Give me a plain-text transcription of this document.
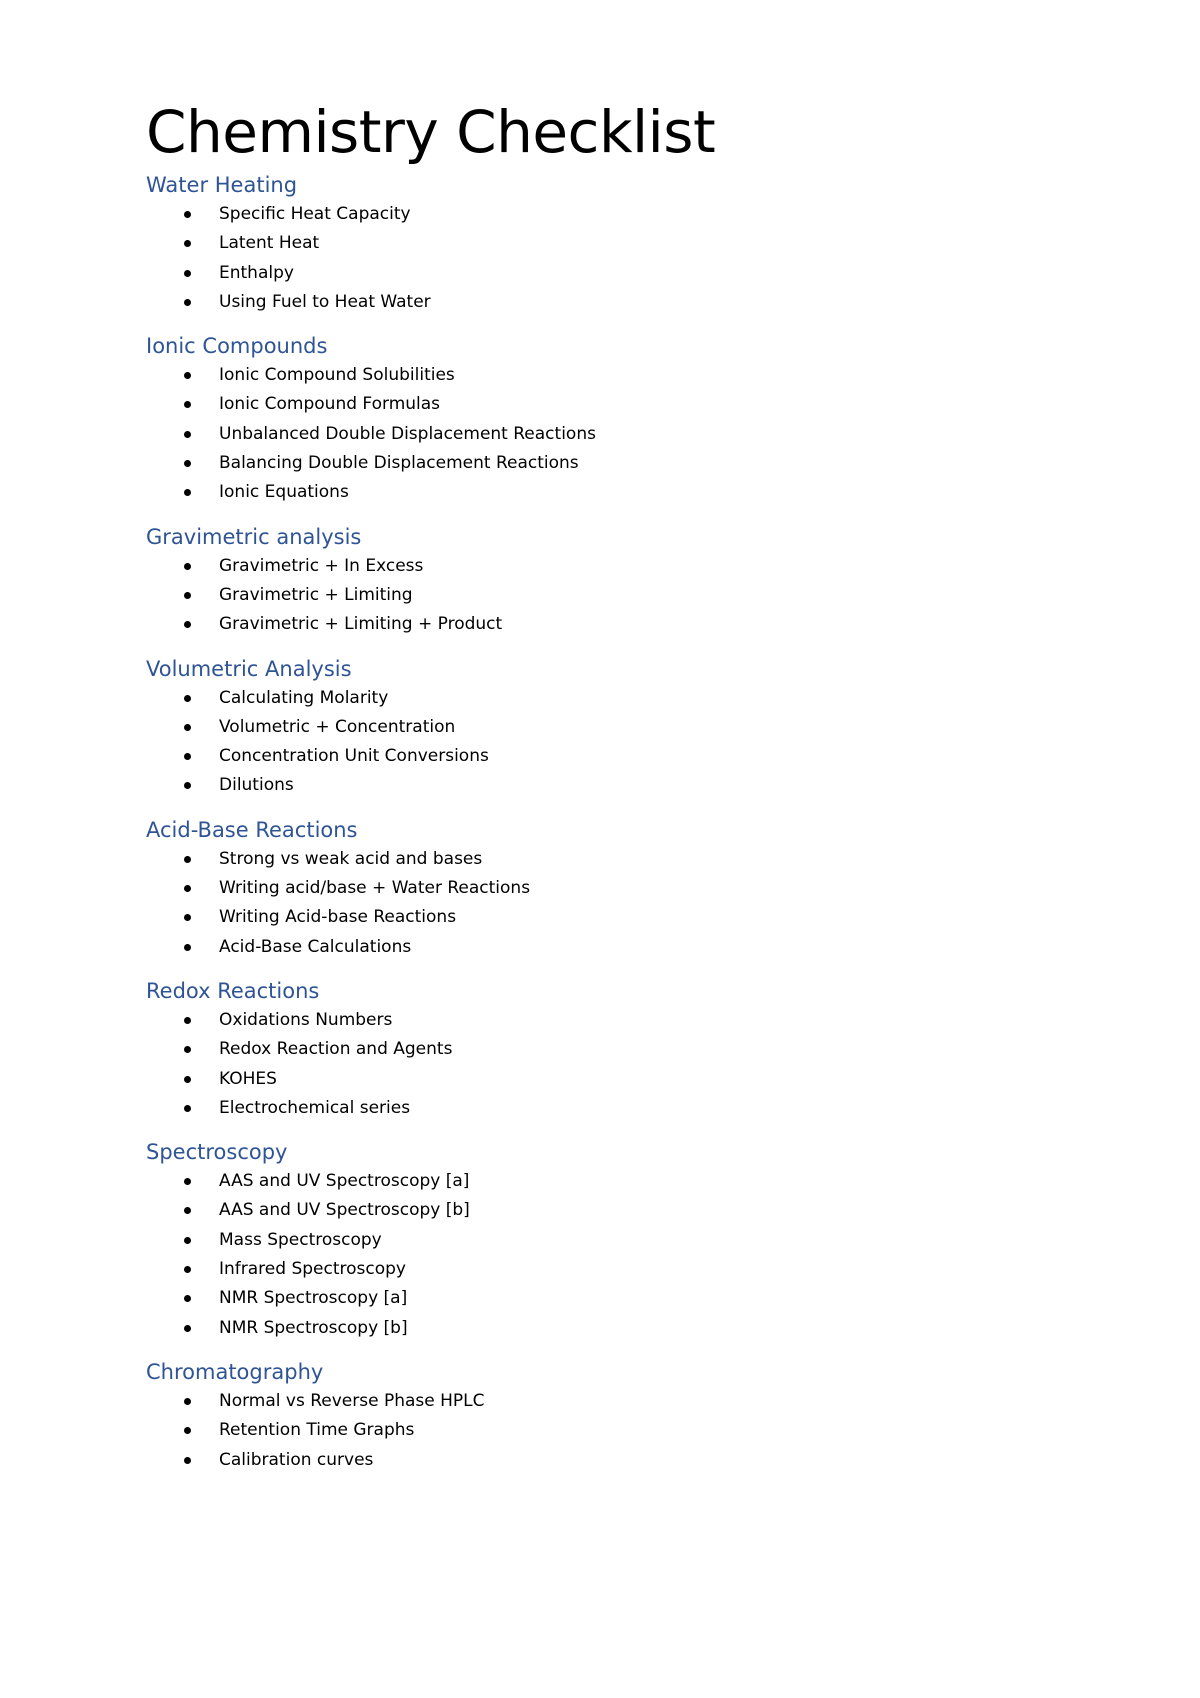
Chemistry Checklist
Water Heating
Specific Heat Capacity
Latent Heat
Enthalpy
Using Fuel to Heat Water
Ionic Compounds
Ionic Compound Solubilities
Ionic Compound Formulas
Unbalanced Double Displacement Reactions
Balancing Double Displacement Reactions
Ionic Equations
Gravimetric analysis
Gravimetric + In Excess
Gravimetric + Limiting
Gravimetric + Limiting + Product
Volumetric Analysis
Calculating Molarity
Volumetric + Concentration
Concentration Unit Conversions
Dilutions
Acid-Base Reactions
Strong vs weak acid and bases
Writing acid/base + Water Reactions
Writing Acid-base Reactions
Acid-Base Calculations
Redox Reactions
Oxidations Numbers
Redox Reaction and Agents
KOHES
Electrochemical series
Spectroscopy
AAS and UV Spectroscopy [a]
AAS and UV Spectroscopy [b]
Mass Spectroscopy
Infrared Spectroscopy
NMR Spectroscopy [a]
NMR Spectroscopy [b]
Chromatography
Normal vs Reverse Phase HPLC
Retention Time Graphs
Calibration curves
